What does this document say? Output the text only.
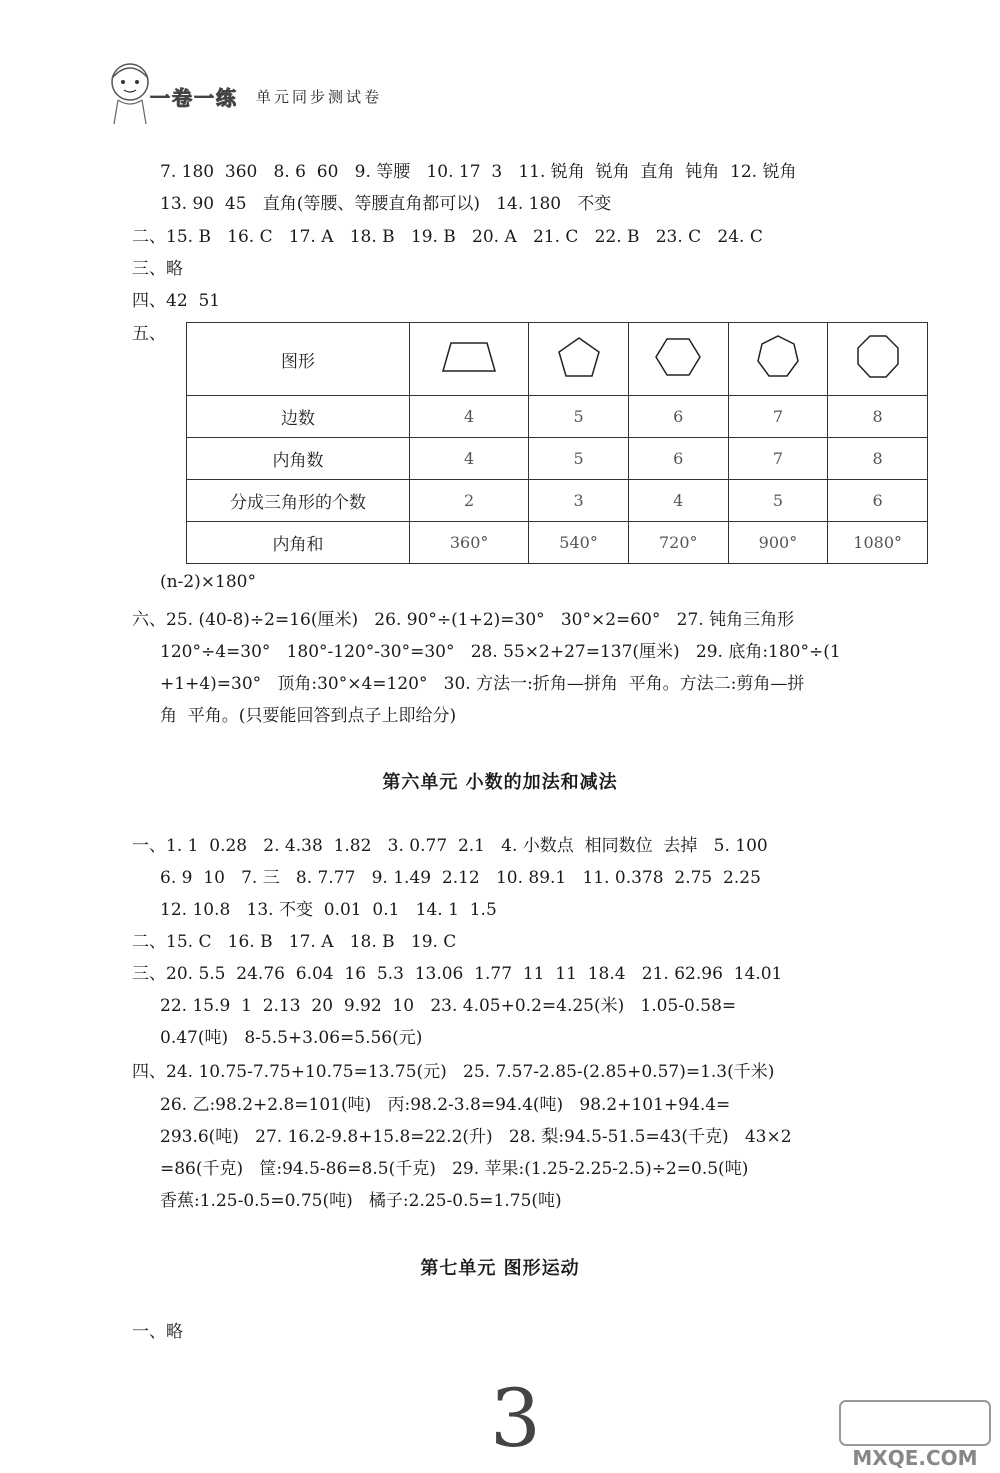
一卷一练 单元同步测试卷
7. 180  360   8. 6  60   9. 等腰   10. 17  3   11. 锐角  锐角  直角  钝角  12. 锐角
13. 90  45   直角(等腰、等腰直角都可以)   14. 180   不变
二、15. B   16. C   17. A   18. B   19. B   20. A   21. C   22. B   23. C   24. C
三、略
四、42  51
五、
(n-2)×180°
六、25. (40-8)÷2=16(厘米)   26. 90°÷(1+2)=30°   30°×2=60°   27. 钝角三角形
120°÷4=30°   180°-120°-30°=30°   28. 55×2+27=137(厘米)   29. 底角:180°÷(1
+1+4)=30°   顶角:30°×4=120°   30. 方法一:折角—拼角  平角。方法二:剪角—拼
角  平角。(只要能回答到点子上即给分)
一、1. 1  0.28   2. 4.38  1.82   3. 0.77  2.1   4. 小数点  相同数位  去掉   5. 100
6. 9  10   7. 三   8. 7.77   9. 1.49  2.12   10. 89.1   11. 0.378  2.75  2.25
12. 10.8   13. 不变  0.01  0.1   14. 1  1.5
二、15. C   16. B   17. A   18. B   19. C
三、20. 5.5  24.76  6.04  16  5.3  13.06  1.77  11  11  18.4   21. 62.96  14.01
22. 15.9  1  2.13  20  9.92  10   23. 4.05+0.2=4.25(米)   1.05-0.58=
0.47(吨)   8-5.5+3.06=5.56(元)
四、24. 10.75-7.75+10.75=13.75(元)   25. 7.57-2.85-(2.85+0.57)=1.3(千米)
26. 乙:98.2+2.8=101(吨)   丙:98.2-3.8=94.4(吨)   98.2+101+94.4=
293.6(吨)   27. 16.2-9.8+15.8=22.2(升)   28. 梨:94.5-51.5=43(千克)   43×2
=86(千克)   筐:94.5-86=8.5(千克)   29. 苹果:(1.25-2.25-2.5)÷2=0.5(吨)
香蕉:1.25-0.5=0.75(吨)   橘子:2.25-0.5=1.75(吨)
一、略
第六单元 小数的加法和减法
第七单元 图形运动
图形					
边数	4	5	6	7	8
内角数	4	5	6	7	8
分成三角形的个数	2	3	4	5	6
内角和	360°	540°	720°	900°	1080°
3	MXQE.COM
